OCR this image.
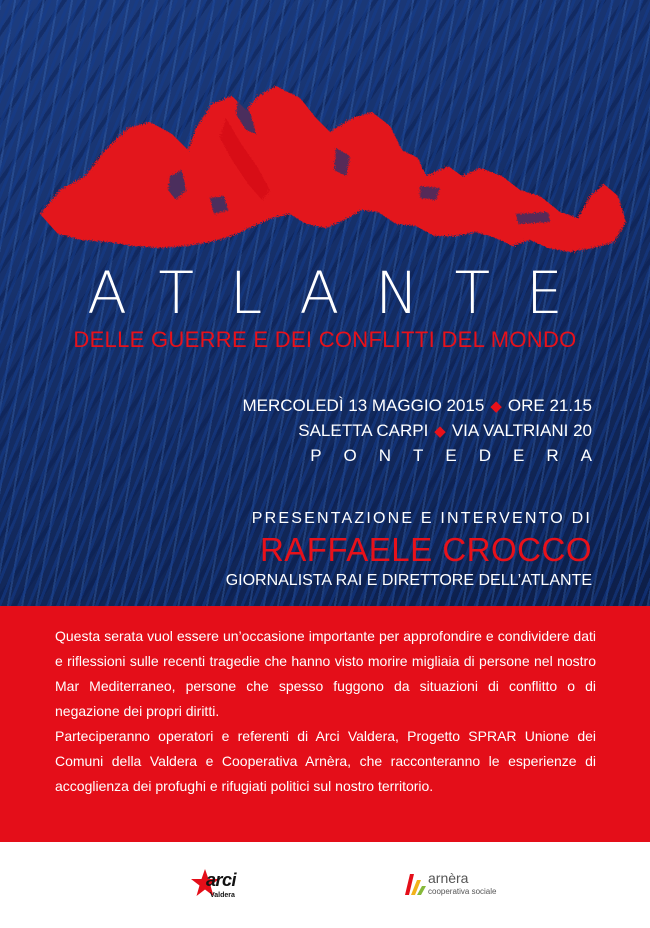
ATLANTE
DELLE GUERRE E DEI CONFLITTI DEL MONDO
MERCOLEDÌ 13 MAGGIO 2015 ◆ ORE 21.15
SALETTA CARPI ◆ VIA VALTRIANI 20
PONTEDERA
PRESENTAZIONE E INTERVENTO DI
RAFFAELE CROCCO
GIORNALISTA RAI E DIRETTORE DELL’ATLANTE

Questa serata vuol essere un’occasione importante per approfondire e condividere dati e riflessioni sulle recenti tragedie che hanno visto morire migliaia di persone nel nostro Mar Mediterraneo, persone che spesso fuggono da situazioni di conflitto o di negazione dei propri diritti.

Parteciperanno operatori e referenti di Arci Valdera, Progetto SPRAR Unione dei Comuni della Valdera e Cooperativa Arnèra, che racconteranno le esperienze di accoglienza dei profughi e rifugiati politici sul nostro territorio.

arci
Valdera
arnèra
cooperativa sociale
